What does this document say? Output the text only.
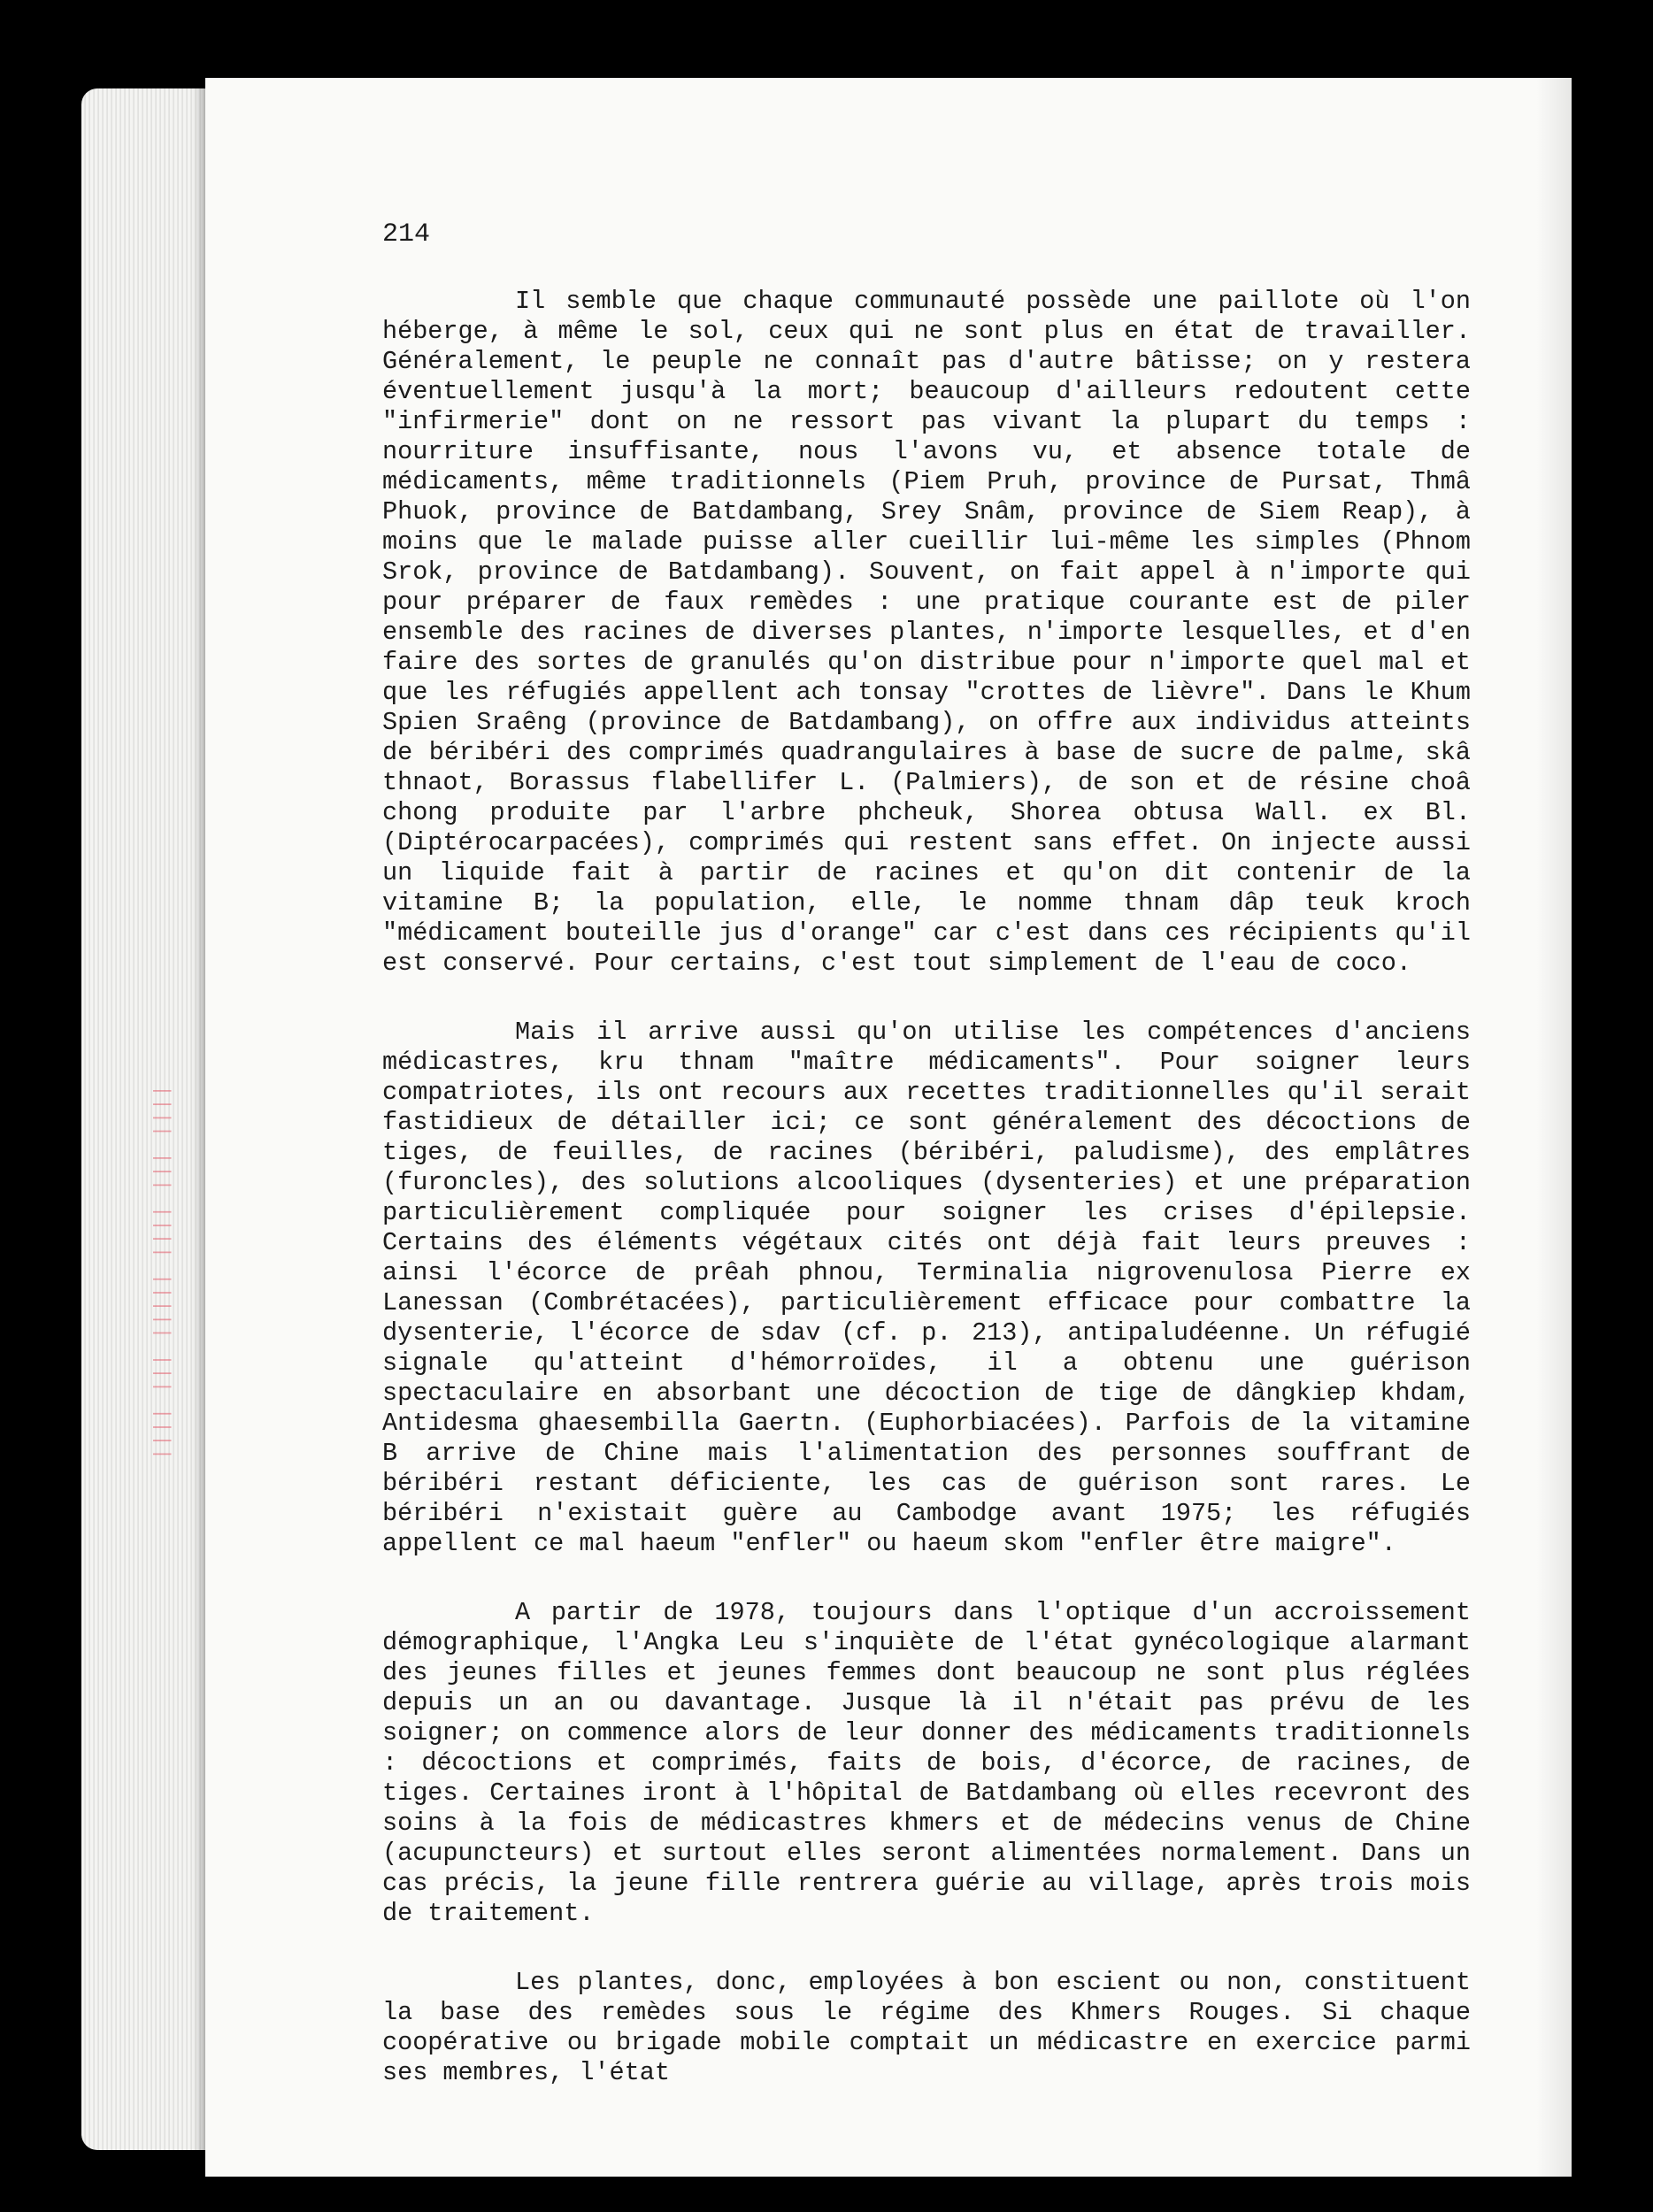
|||| ||| ||||| |||| ||| ||||
214

Il semble que chaque communauté possède une paillote où l'on héberge, à même le sol, ceux qui ne sont plus en état de travailler. Généralement, le peuple ne connaît pas d'autre bâtisse; on y restera éventuellement jusqu'à la mort; beaucoup d'ailleurs redoutent cette "infirmerie" dont on ne ressort pas vivant la plupart du temps : nourriture insuffisante, nous l'avons vu, et absence totale de médicaments, même traditionnels (Piem Pruh, province de Pursat, Thmâ Phuok, province de Batdambang, Srey Snâm, province de Siem Reap), à moins que le malade puisse aller cueillir lui-même les simples (Phnom Srok, province de Batdambang). Souvent, on fait appel à n'importe qui pour préparer de faux remèdes : une pratique courante est de piler ensemble des racines de diverses plantes, n'importe lesquelles, et d'en faire des sortes de granulés qu'on distribue pour n'importe quel mal et que les réfugiés appellent ach tonsay "crottes de lièvre". Dans le Khum Spien Sraêng (province de Batdambang), on offre aux individus atteints de béribéri des comprimés quadrangulaires à base de sucre de palme, skâ thnaot, Borassus flabellifer L. (Palmiers), de son et de résine choâ chong produite par l'arbre phcheuk, Shorea obtusa Wall. ex Bl. (Diptérocarpacées), comprimés qui restent sans effet. On injecte aussi un liquide fait à partir de racines et qu'on dit contenir de la vitamine B; la population, elle, le nomme thnam dâp teuk kroch "médicament bouteille jus d'orange" car c'est dans ces récipients qu'il est conservé. Pour certains, c'est tout simplement de l'eau de coco.

Mais il arrive aussi qu'on utilise les compétences d'anciens médicastres, kru thnam "maître médicaments". Pour soigner leurs compatriotes, ils ont recours aux recettes traditionnelles qu'il serait fastidieux de détailler ici; ce sont généralement des décoctions de tiges, de feuilles, de racines (béribéri, paludisme), des emplâtres (furoncles), des solutions alcooliques (dysenteries) et une préparation particulièrement compliquée pour soigner les crises d'épilepsie. Certains des éléments végétaux cités ont déjà fait leurs preuves : ainsi l'écorce de prêah phnou, Terminalia nigrovenulosa Pierre ex Lanessan (Combrétacées), particulièrement efficace pour combattre la dysenterie, l'écorce de sdav (cf. p. 213), antipaludéenne. Un réfugié signale qu'atteint d'hémorroïdes, il a obtenu une guérison spectaculaire en absorbant une décoction de tige de dângkiep khdam, Antidesma ghaesembilla Gaertn. (Euphorbiacées). Parfois de la vitamine B arrive de Chine mais l'alimentation des personnes souffrant de béribéri restant déficiente, les cas de guérison sont rares. Le béribéri n'existait guère au Cambodge avant 1975; les réfugiés appellent ce mal haeum "enfler" ou haeum skom "enfler être maigre".

A partir de 1978, toujours dans l'optique d'un accroissement démographique, l'Angka Leu s'inquiète de l'état gynécologique alarmant des jeunes filles et jeunes femmes dont beaucoup ne sont plus réglées depuis un an ou davantage. Jusque là il n'était pas prévu de les soigner; on commence alors de leur donner des médicaments traditionnels : décoctions et comprimés, faits de bois, d'écorce, de racines, de tiges. Certaines iront à l'hôpital de Batdambang où elles recevront des soins à la fois de médicastres khmers et de médecins venus de Chine (acupuncteurs) et surtout elles seront alimentées normalement. Dans un cas précis, la jeune fille rentrera guérie au village, après trois mois de traitement.

Les plantes, donc, employées à bon escient ou non, constituent la base des remèdes sous le régime des Khmers Rouges. Si chaque coopérative ou brigade mobile comptait un médicastre en exercice parmi ses membres, l'état
